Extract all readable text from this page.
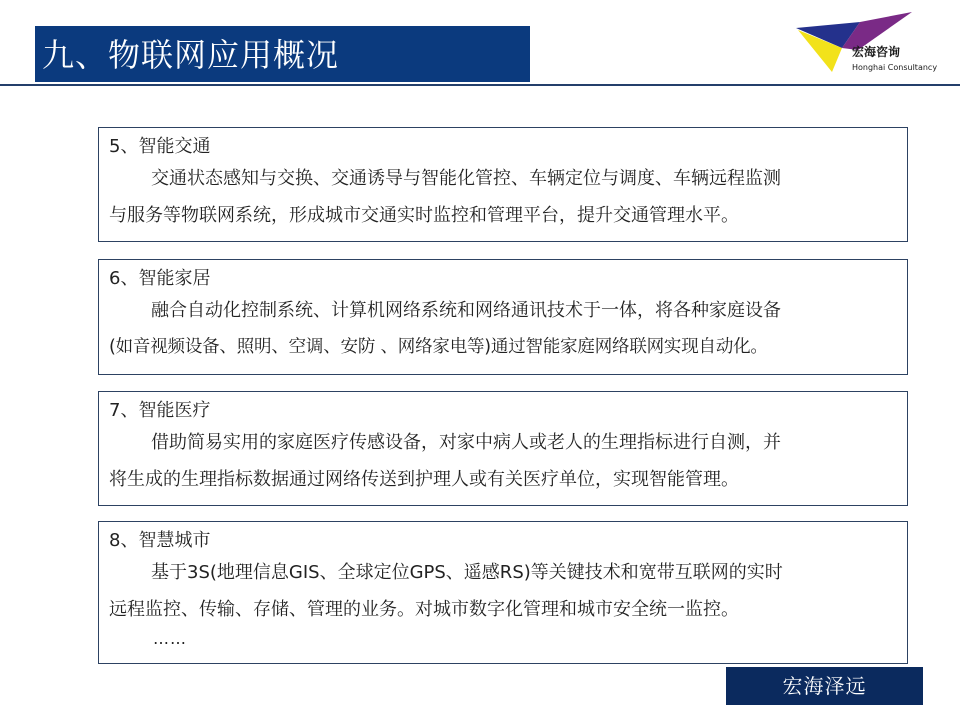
九、物联网应用概况	宏海咨询
Honghai Consultancy
5、智能交通
交通状态感知与交换、交通诱导与智能化管控、车辆定位与调度、车辆远程监测
与服务等物联网系统，形成城市交通实时监控和管理平台，提升交通管理水平。
6、智能家居
融合自动化控制系统、计算机网络系统和网络通讯技术于一体，将各种家庭设备
(如音视频设备、照明、空调、安防 、网络家电等)通过智能家庭网络联网实现自动化。
7、智能医疗
借助简易实用的家庭医疗传感设备，对家中病人或老人的生理指标进行自测，并
将生成的生理指标数据通过网络传送到护理人或有关医疗单位，实现智能管理。
8、智慧城市
基于3S(地理信息GIS、全球定位GPS、遥感RS)等关键技术和宽带互联网的实时
远程监控、传输、存储、管理的业务。对城市数字化管理和城市安全统一监控。
……
宏海泽远
